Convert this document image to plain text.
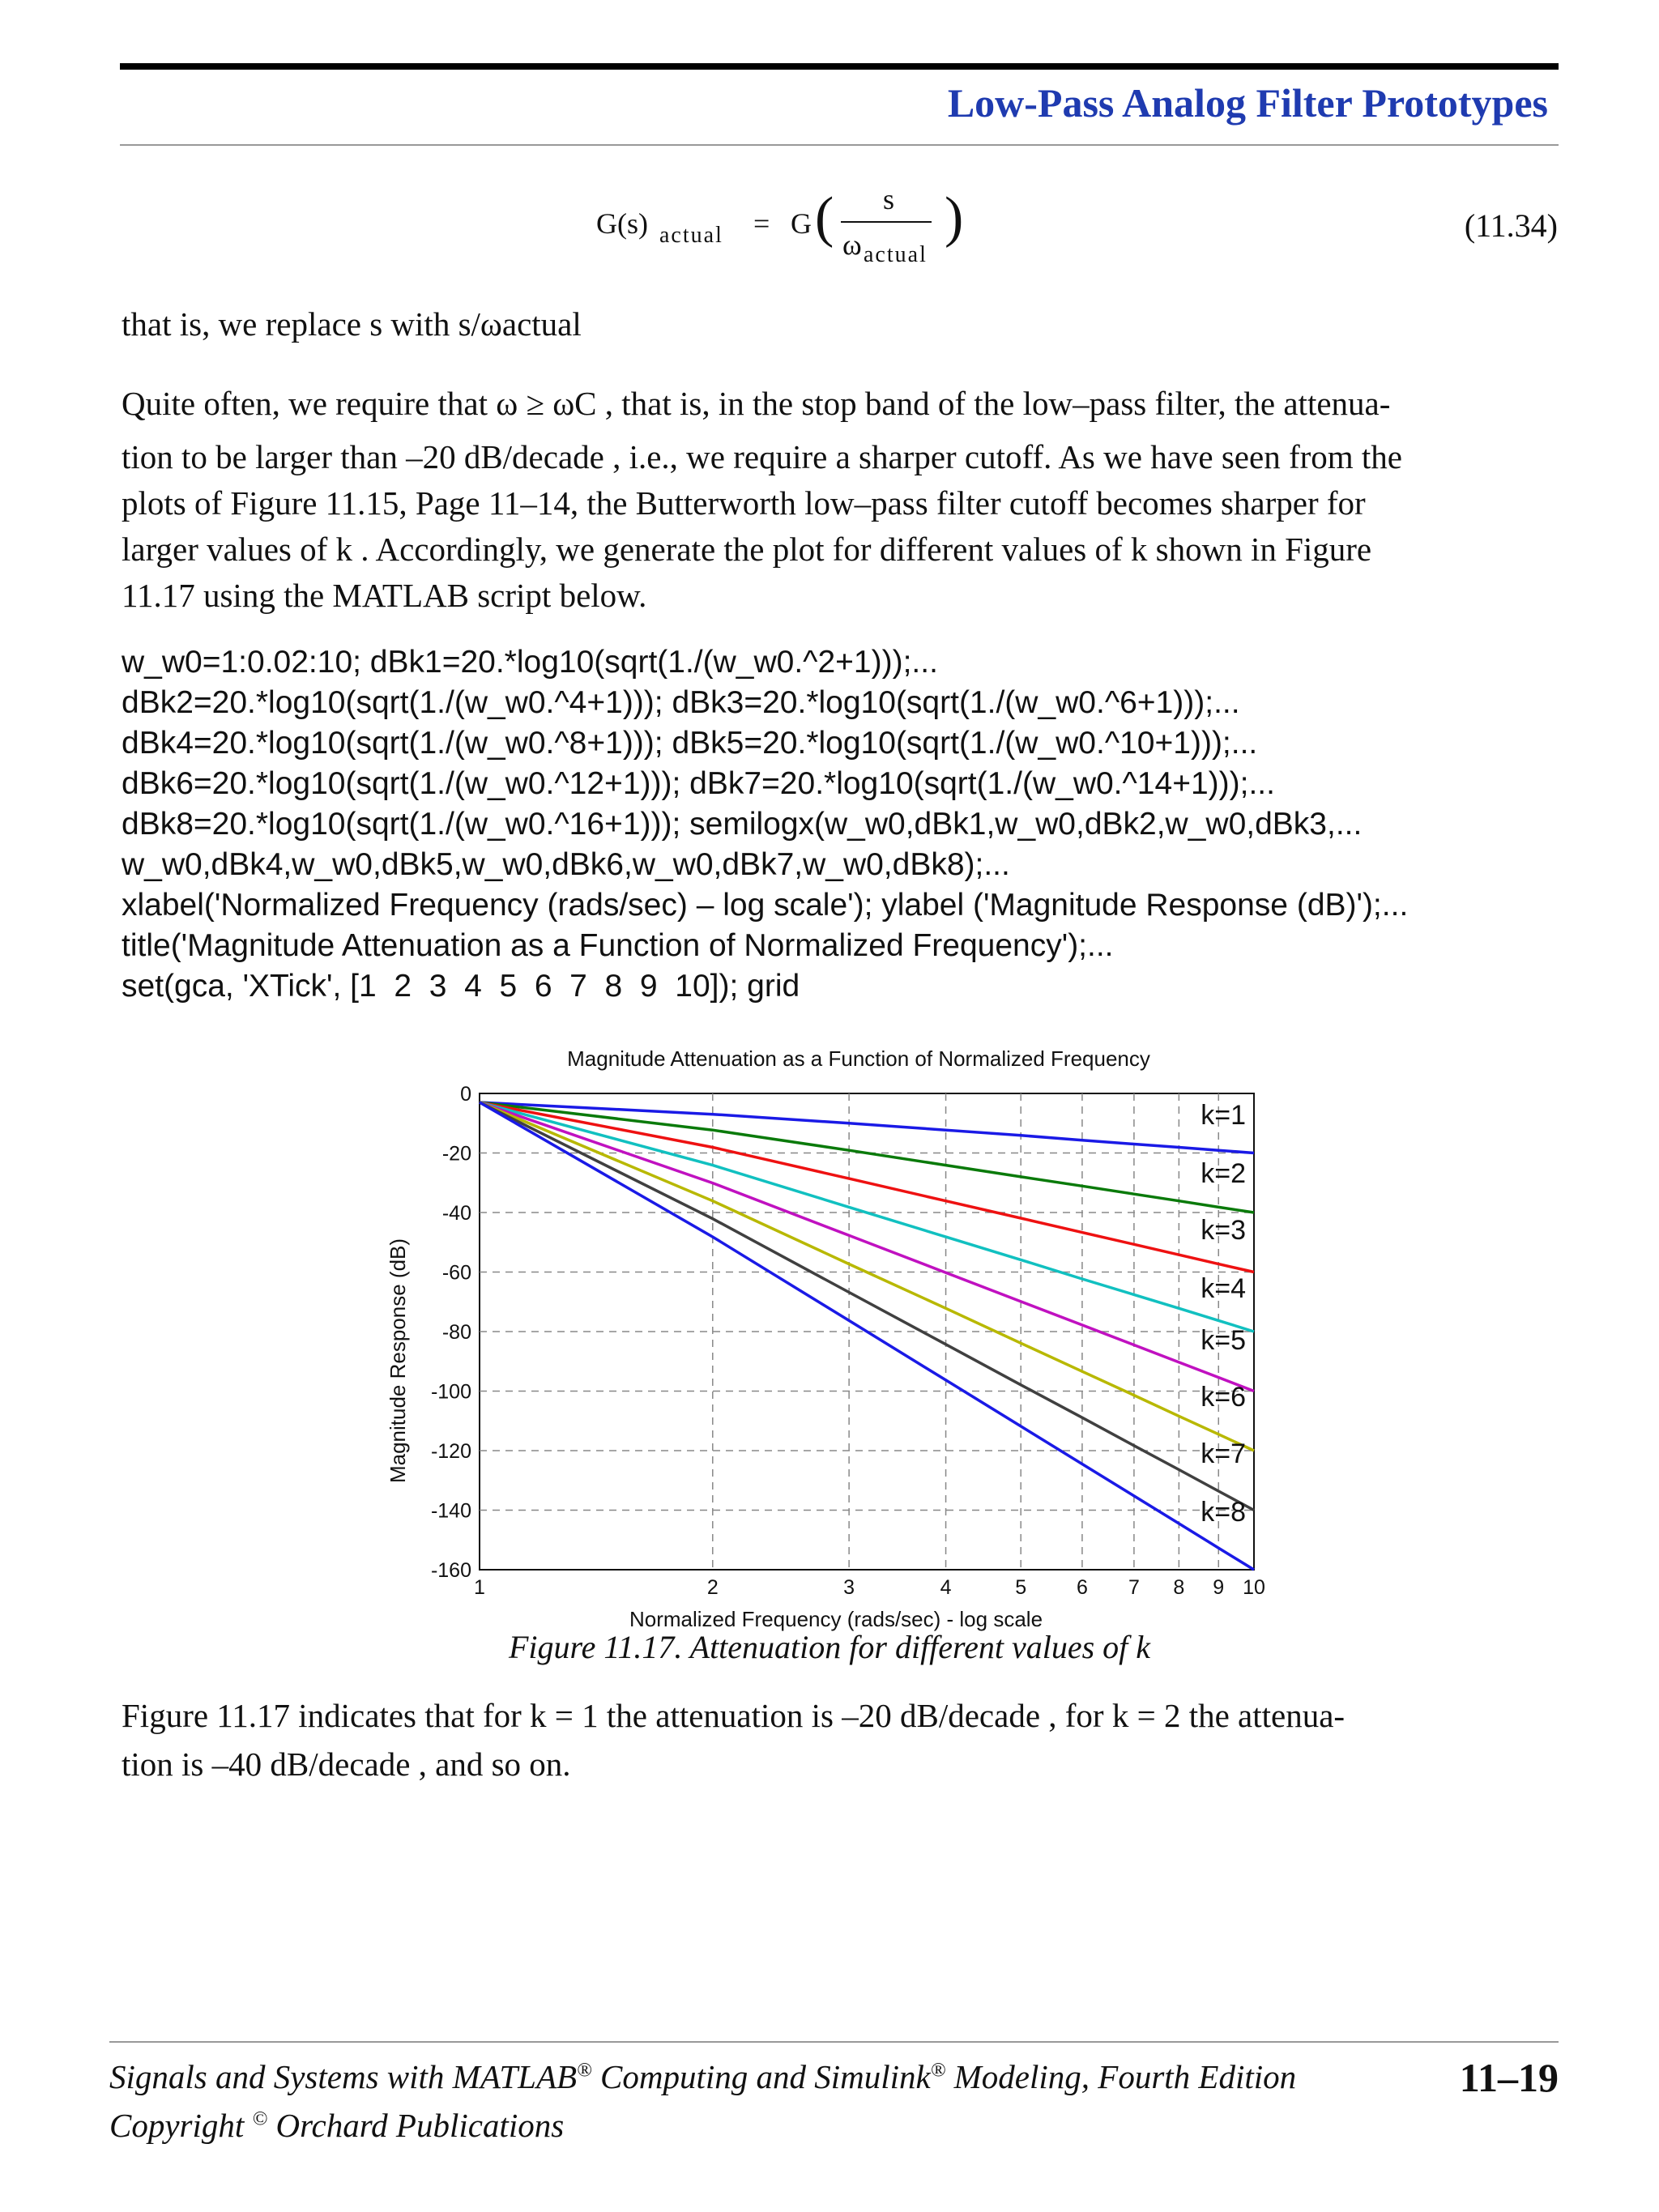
Low-Pass Analog Filter Prototypes
G(s) actual = G ( s
ω actual
)	(11.34)
that is, we replace s with s/ωactual
Quite often, we require that ω ≥ ωC , that is, in the stop band of the low–pass filter, the attenua-
tion to be larger than –20 dB/decade , i.e., we require a sharper cutoff. As we have seen from the
plots of Figure 11.15, Page 11–14, the Butterworth low–pass filter cutoff becomes sharper for
larger values of k . Accordingly, we generate the plot for different values of k shown in Figure
11.17 using the MATLAB script below.
w_w0=1:0.02:10; dBk1=20.*log10(sqrt(1./(w_w0.^2+1)));...
dBk2=20.*log10(sqrt(1./(w_w0.^4+1))); dBk3=20.*log10(sqrt(1./(w_w0.^6+1)));...
dBk4=20.*log10(sqrt(1./(w_w0.^8+1))); dBk5=20.*log10(sqrt(1./(w_w0.^10+1)));...
dBk6=20.*log10(sqrt(1./(w_w0.^12+1))); dBk7=20.*log10(sqrt(1./(w_w0.^14+1)));...
dBk8=20.*log10(sqrt(1./(w_w0.^16+1))); semilogx(w_w0,dBk1,w_w0,dBk2,w_w0,dBk3,...
w_w0,dBk4,w_w0,dBk5,w_w0,dBk6,w_w0,dBk7,w_w0,dBk8);...
xlabel('Normalized Frequency (rads/sec) – log scale'); ylabel ('Magnitude Response (dB)');...
title('Magnitude Attenuation as a Function of Normalized Frequency');...
set(gca, 'XTick', [1  2  3  4  5  6  7  8  9  10]); grid
Magnitude Attenuation as a Function of Normalized Frequency
1	2	3	4	5 6 7 8 9 10
0
-20
-40
-60
-80
-100
-120
-140
-160
k=1
k=2
k=3
k=4
k=5
k=6
k=7
k=8
Normalized Frequency (rads/sec) - log scale
Magnitude Response (dB)
Figure 11.17. Attenuation for different values of k
Figure 11.17 indicates that for k = 1 the attenuation is –20 dB/decade , for k = 2 the attenua-
tion is –40 dB/decade , and so on.
Signals and Systems with MATLAB® Computing and Simulink® Modeling, Fourth Edition
Copyright © Orchard Publications
11–19
